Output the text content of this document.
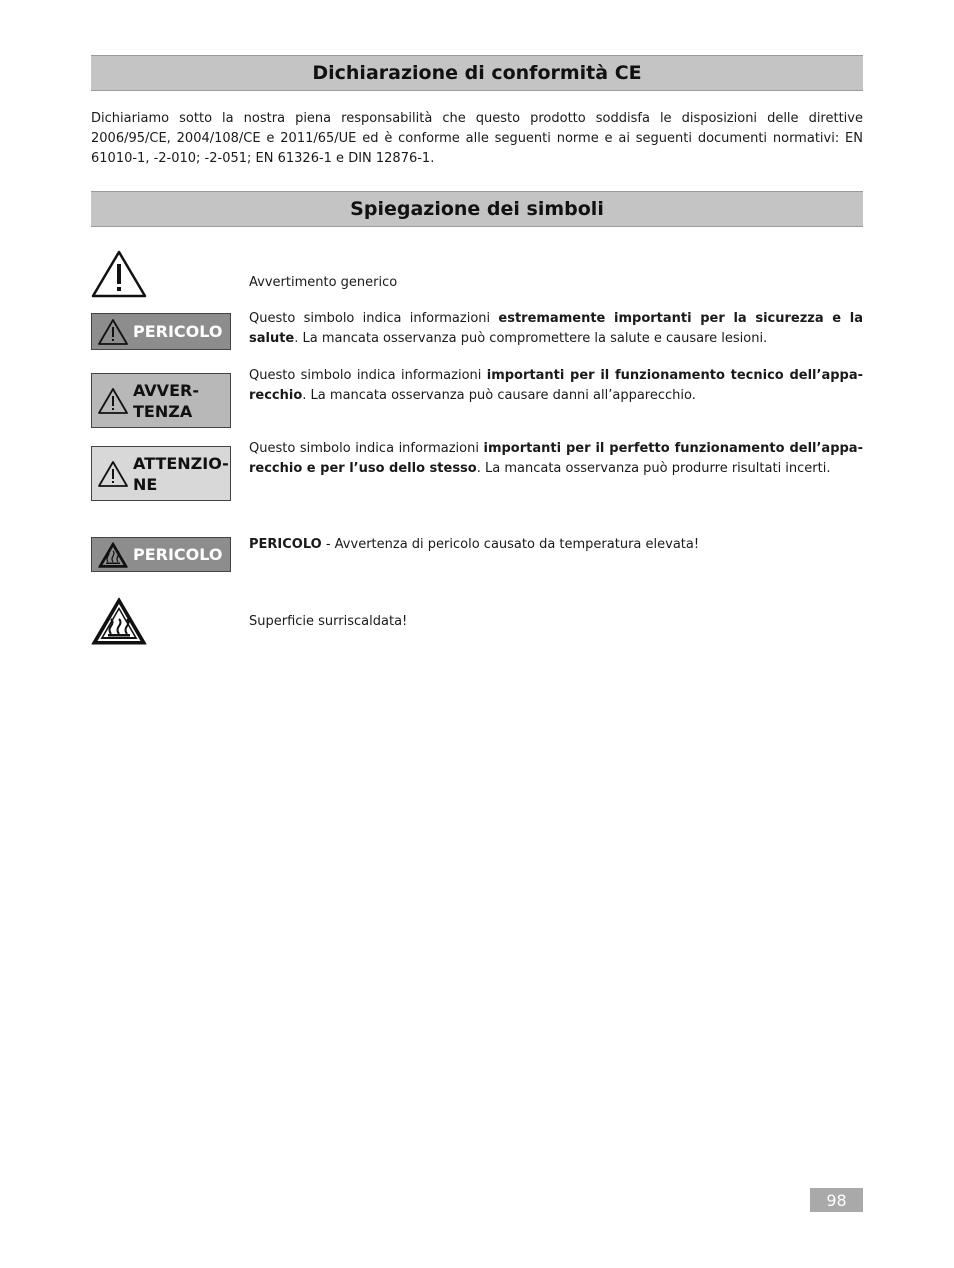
Dichiarazione di conformità CE
Dichiariamo sotto la nostra piena responsabilità che questo prodotto soddisfa le disposizioni delle direttive 2006/95/CE, 2004/108/CE e 2011/65/UE ed è conforme alle seguenti norme e ai seguenti documenti normativi: EN 61010-1, -2-010; -2-051; EN 61326-1 e DIN 12876-1.
Spiegazione dei simboli
Avvertimento generico
PERICOLO
Questo simbolo indica informazioni estremamente importanti per la sicurezza e la salute. La mancata osservanza può compromettere la salute e causare lesioni.
AVVER-
TENZA
Questo simbolo indica informazioni importanti per il funzionamento tecnico dell’appa-recchio. La mancata osservanza può causare danni all’apparecchio.
ATTENZIO-
NE
Questo simbolo indica informazioni importanti per il perfetto funzionamento dell’appa-recchio e per l’uso dello stesso. La mancata osservanza può produrre risultati incerti.
PERICOLO
PERICOLO - Avvertenza di pericolo causato da temperatura elevata!
Superficie surriscaldata!
98
